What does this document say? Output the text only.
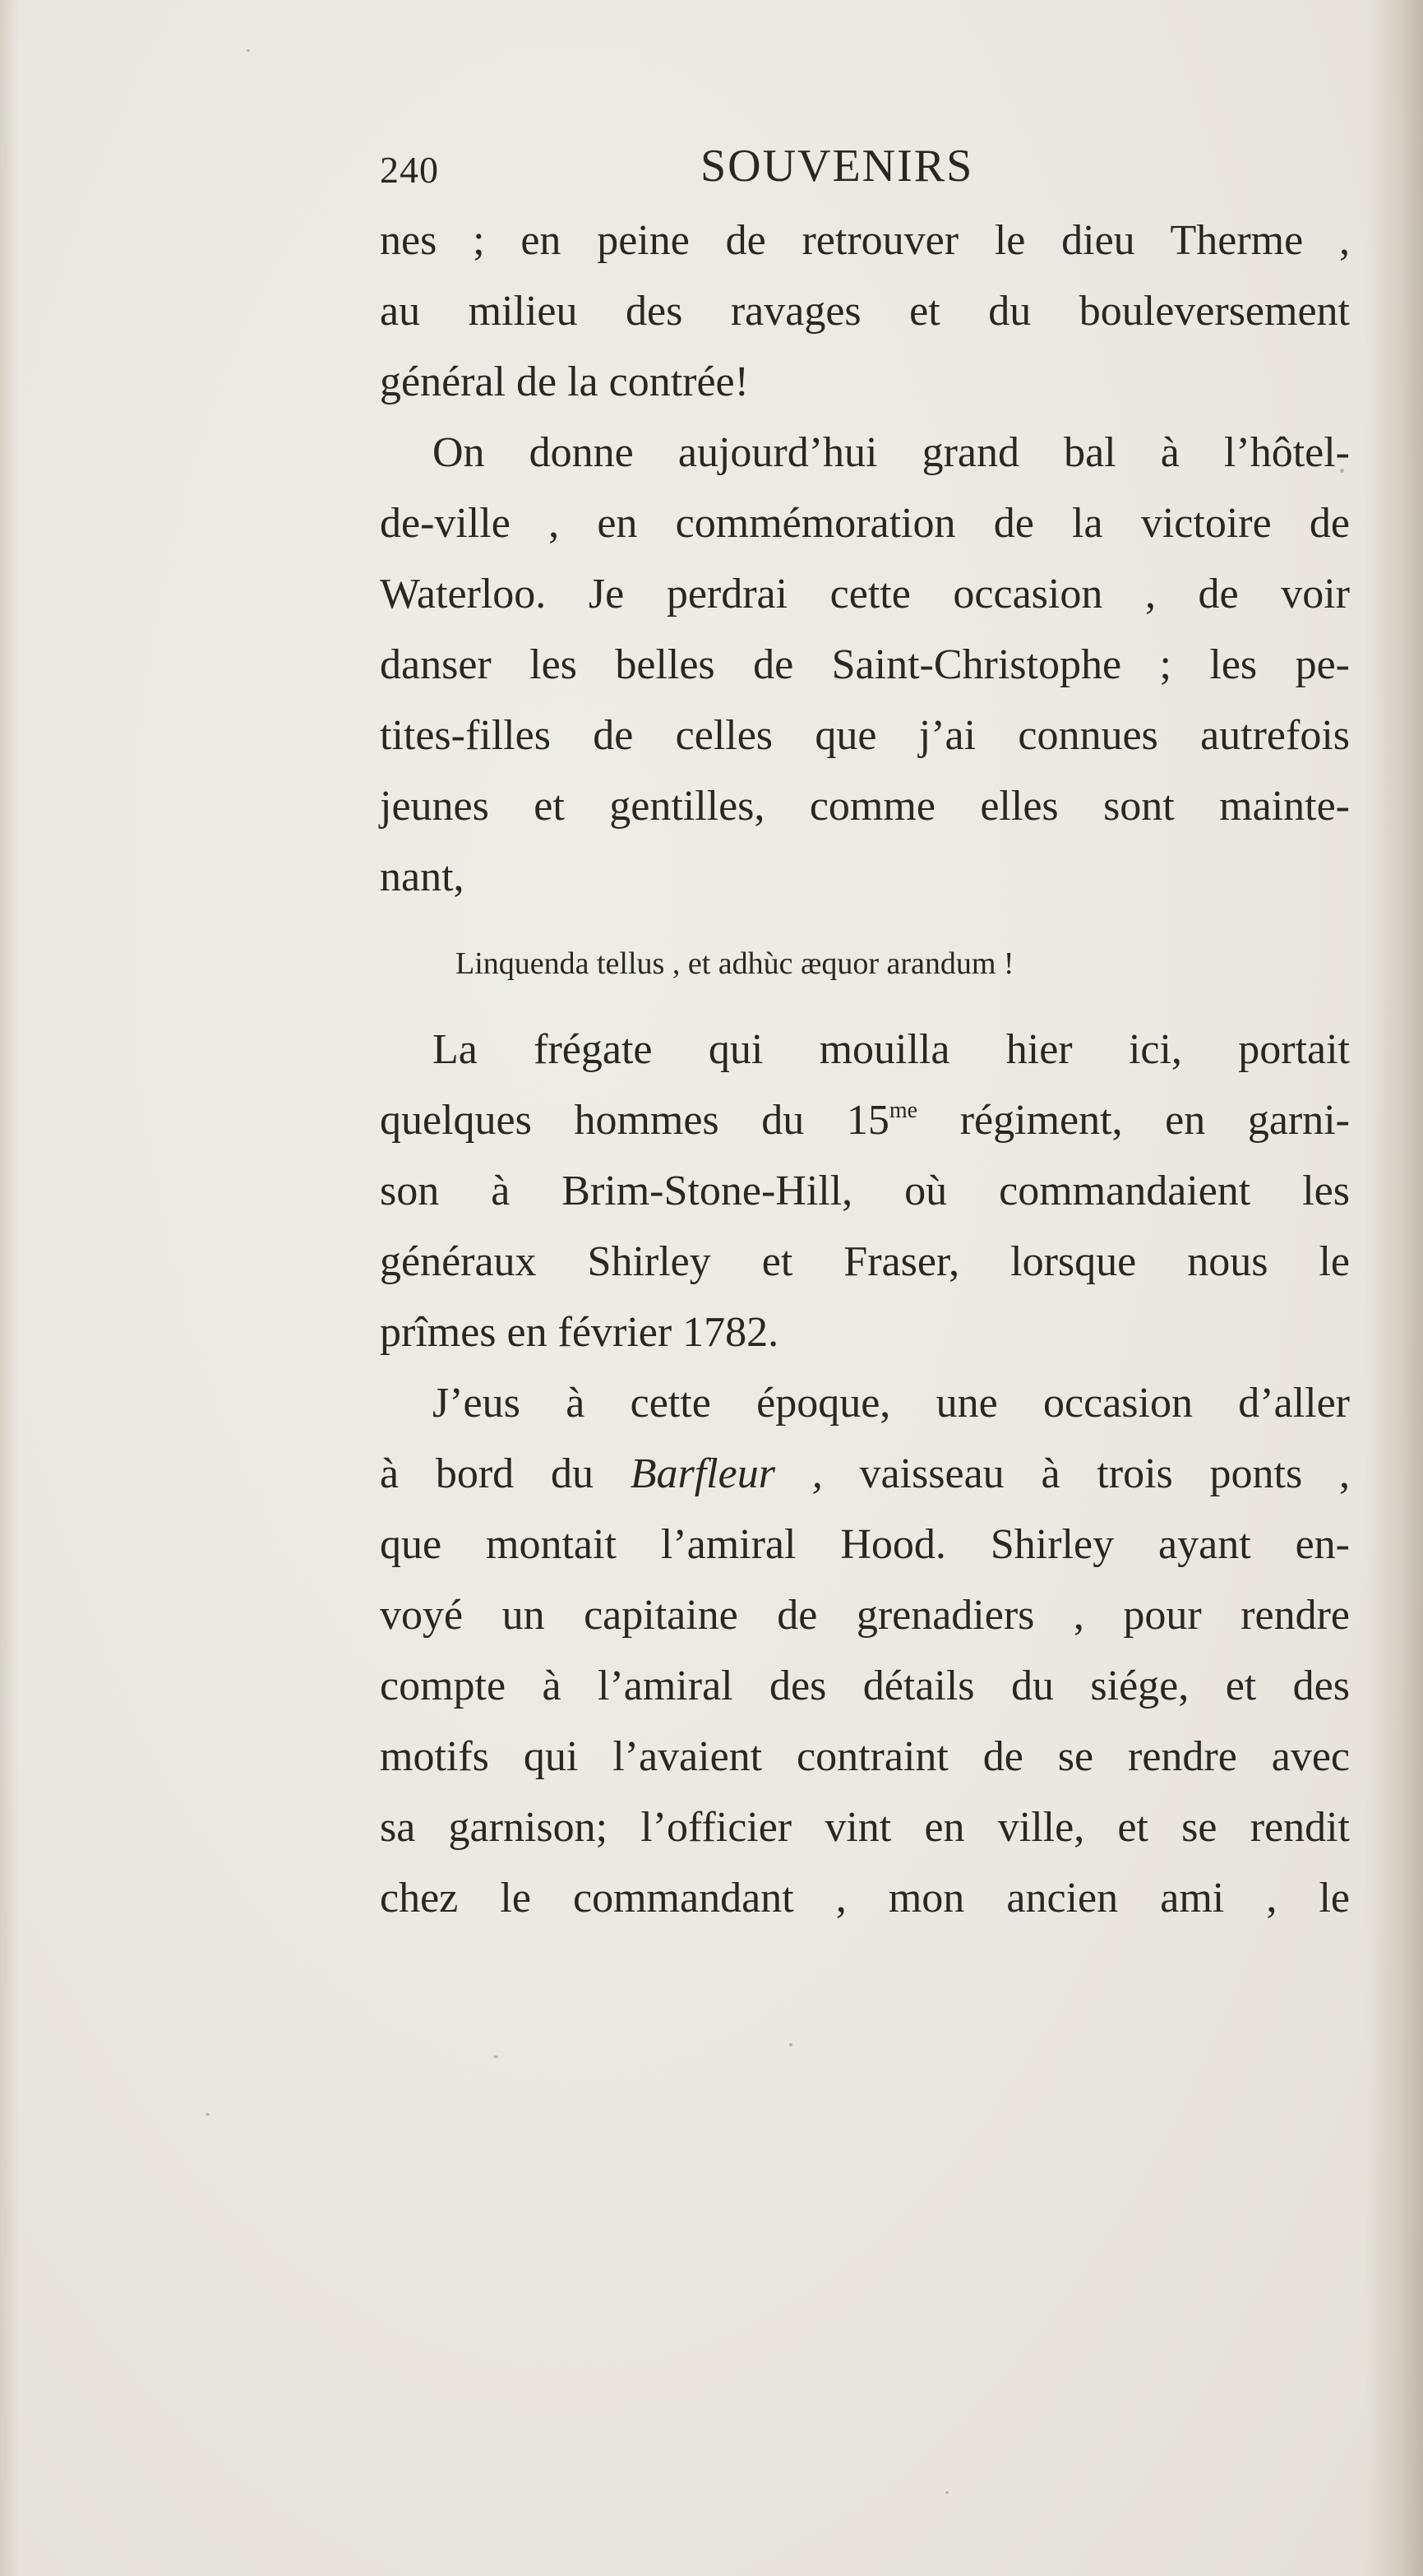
240	SOUVENIRS
nes ; en peine de retrouver le dieu Therme ,
au milieu des ravages et du bouleversement
général de la contrée!
On donne aujourd’hui grand bal à l’hôtel-
de-ville , en commémoration de la victoire de
Waterloo. Je perdrai cette occasion , de voir
danser les belles de Saint-Christophe ; les pe-
tites-filles de celles que j’ai connues autrefois
jeunes et gentilles, comme elles sont mainte-
nant,
Linquenda tellus , et adhùc æquor arandum !
La frégate qui mouilla hier ici, portait
quelques hommes du $15^{me}$ régiment, en garni-
son à Brim-Stone-Hill, où commandaient les
généraux Shirley et Fraser, lorsque nous le
prîmes en février 1782.
J’eus à cette époque, une occasion d’aller
à bord du Barfleur , vaisseau à trois ponts ,
que montait l’amiral Hood. Shirley ayant en-
voyé un capitaine de grenadiers , pour rendre
compte à l’amiral des détails du siége, et des
motifs qui l’avaient contraint de se rendre avec
sa garnison; l’officier vint en ville, et se rendit
chez le commandant , mon ancien ami , le
